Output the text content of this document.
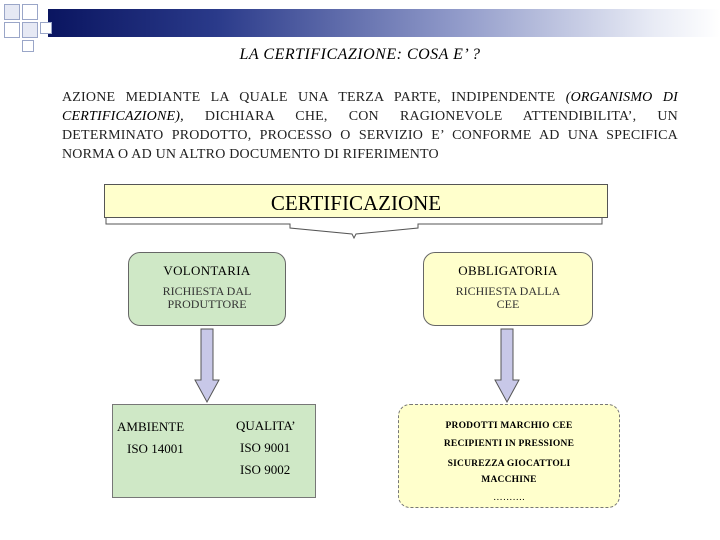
LA CERTIFICAZIONE: COSA E’ ?
AZIONE MEDIANTE LA QUALE UNA TERZA PARTE, INDIPENDENTE (ORGANISMO DI CERTIFICAZIONE), DICHIARA CHE, CON RAGIONEVOLE ATTENDIBILITA’, UN DETERMINATO PRODOTTO, PROCESSO O SERVIZIO E’ CONFORME AD UNA SPECIFICA NORMA O AD UN ALTRO DOCUMENTO DI RIFERIMENTO
CERTIFICAZIONE
VOLONTARIA
RICHIESTA DAL
PRODUTTORE
OBBLIGATORIA
RICHIESTA DALLA
CEE
AMBIENTE
ISO 14001
QUALITA’
ISO 9001
ISO 9002
PRODOTTI MARCHIO CEE
RECIPIENTI IN PRESSIONE
SICUREZZA GIOCATTOLI
MACCHINE
……….
